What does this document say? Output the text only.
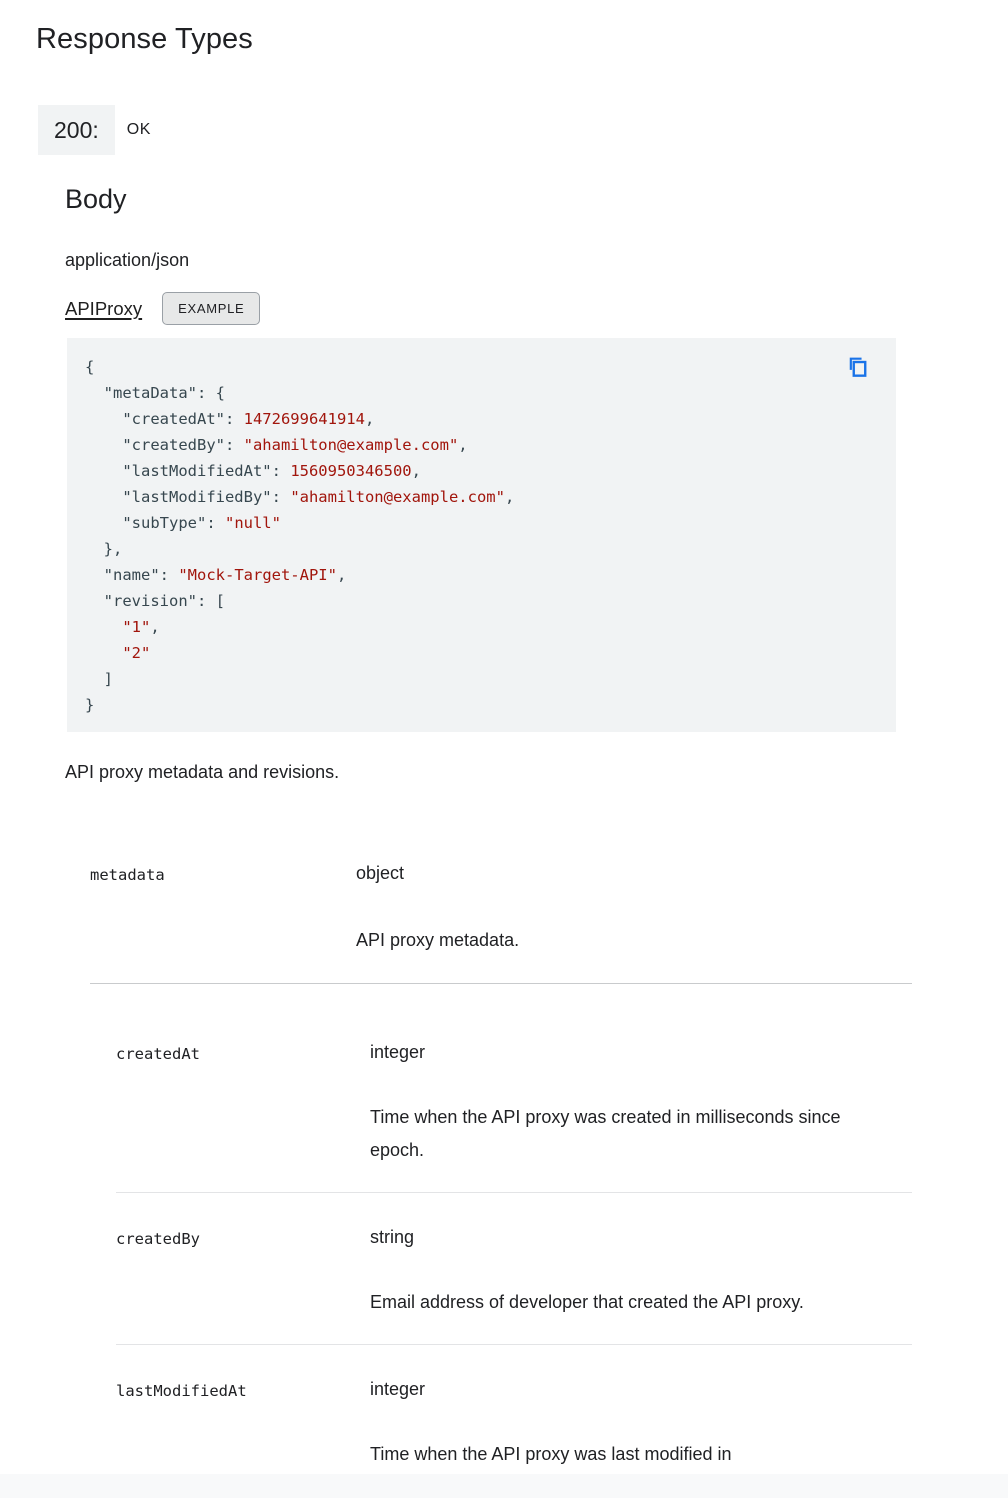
Response Types
200:	OK
Body
application/json
APIProxy	EXAMPLE
{
"metaData": {
"createdAt": 1472699641914,
"createdBy": "ahamilton@example.com",
"lastModifiedAt": 1560950346500,
"lastModifiedBy": "ahamilton@example.com",
"subType": "null"
},
"name": "Mock-Target-API",
"revision": [
"1",
"2"
]
}

API proxy metadata and revisions.

metadata	object
API proxy metadata.
createdAt	integer
Time when the API proxy was created in milliseconds since epoch.
createdBy	string
Email address of developer that created the API proxy.
lastModifiedAt	integer
Time when the API proxy was last modified in
